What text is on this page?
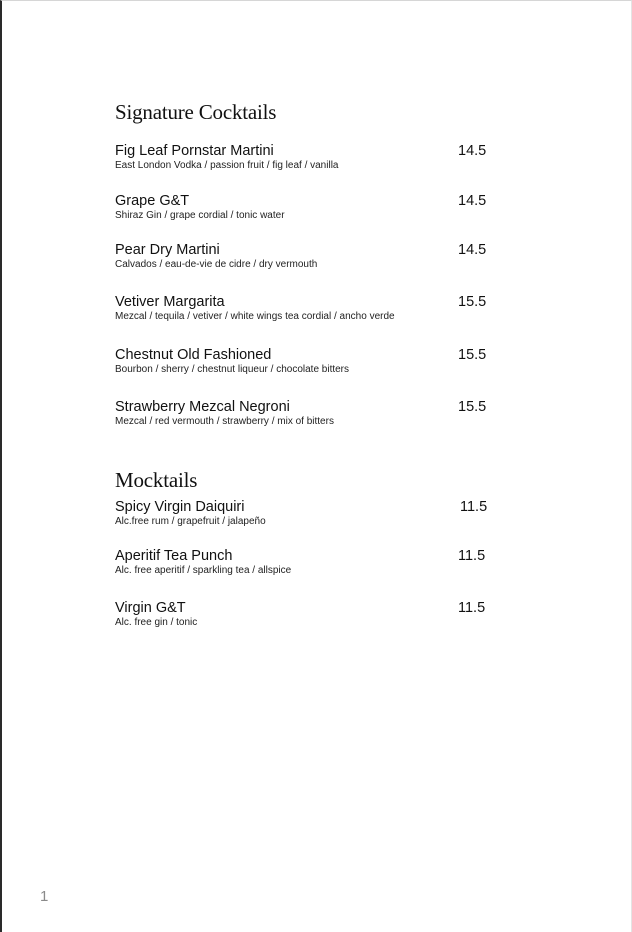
Signature Cocktails
Fig Leaf Pornstar Martini
East London Vodka / passion fruit / fig leaf / vanilla
14.5
Grape G&T
Shiraz Gin / grape cordial / tonic water
14.5
Pear Dry Martini
Calvados / eau-de-vie de cidre / dry vermouth
14.5
Vetiver Margarita
Mezcal / tequila / vetiver / white wings tea cordial / ancho verde
15.5
Chestnut Old Fashioned
Bourbon / sherry / chestnut liqueur / chocolate bitters
15.5
Strawberry Mezcal Negroni
Mezcal / red vermouth / strawberry / mix of bitters
15.5
Mocktails
Spicy Virgin Daiquiri
Alc.free rum / grapefruit / jalapeño
11.5
Aperitif Tea Punch
Alc. free aperitif / sparkling tea / allspice
11.5
Virgin G&T
Alc. free gin / tonic
11.5
1
